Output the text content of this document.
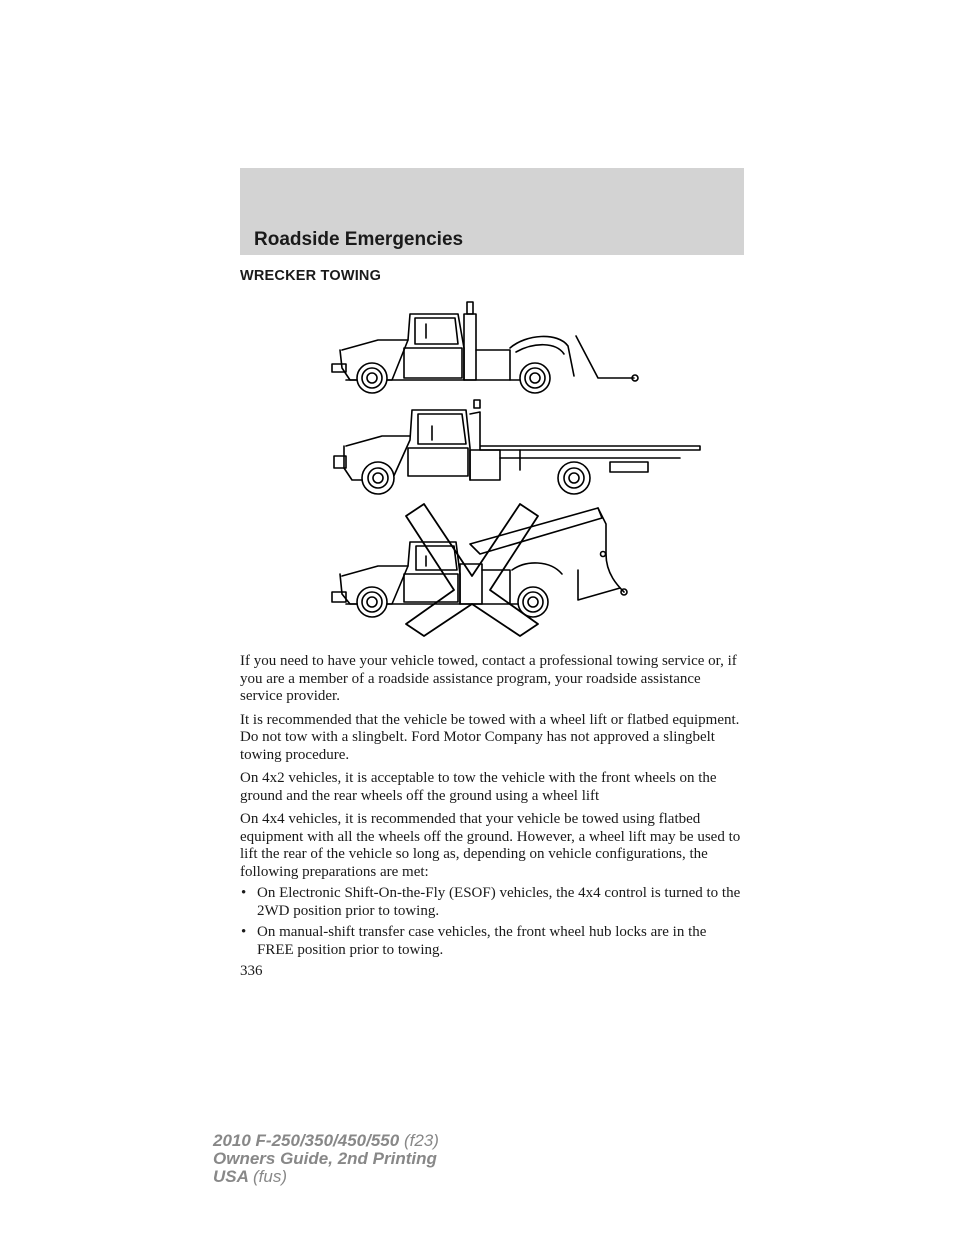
Roadside Emergencies
WRECKER TOWING

If you need to have your vehicle towed, contact a professional towing service or, if you are a member of a roadside assistance program, your roadside assistance service provider.

It is recommended that the vehicle be towed with a wheel lift or flatbed equipment. Do not tow with a slingbelt. Ford Motor Company has not approved a slingbelt towing procedure.

On 4x2 vehicles, it is acceptable to tow the vehicle with the front wheels on the ground and the rear wheels off the ground using a wheel lift

On 4x4 vehicles, it is recommended that your vehicle be towed using flatbed equipment with all the wheels off the ground. However, a wheel lift may be used to lift the rear of the vehicle so long as, depending on vehicle configurations, the following preparations are met:

• On Electronic Shift-On-the-Fly (ESOF) vehicles, the 4x4 control is turned to the 2WD position prior to towing.
• On manual-shift transfer case vehicles, the front wheel hub locks are in the FREE position prior to towing.
336
2010 F-250/350/450/550 (f23)
Owners Guide, 2nd Printing
USA (fus)
